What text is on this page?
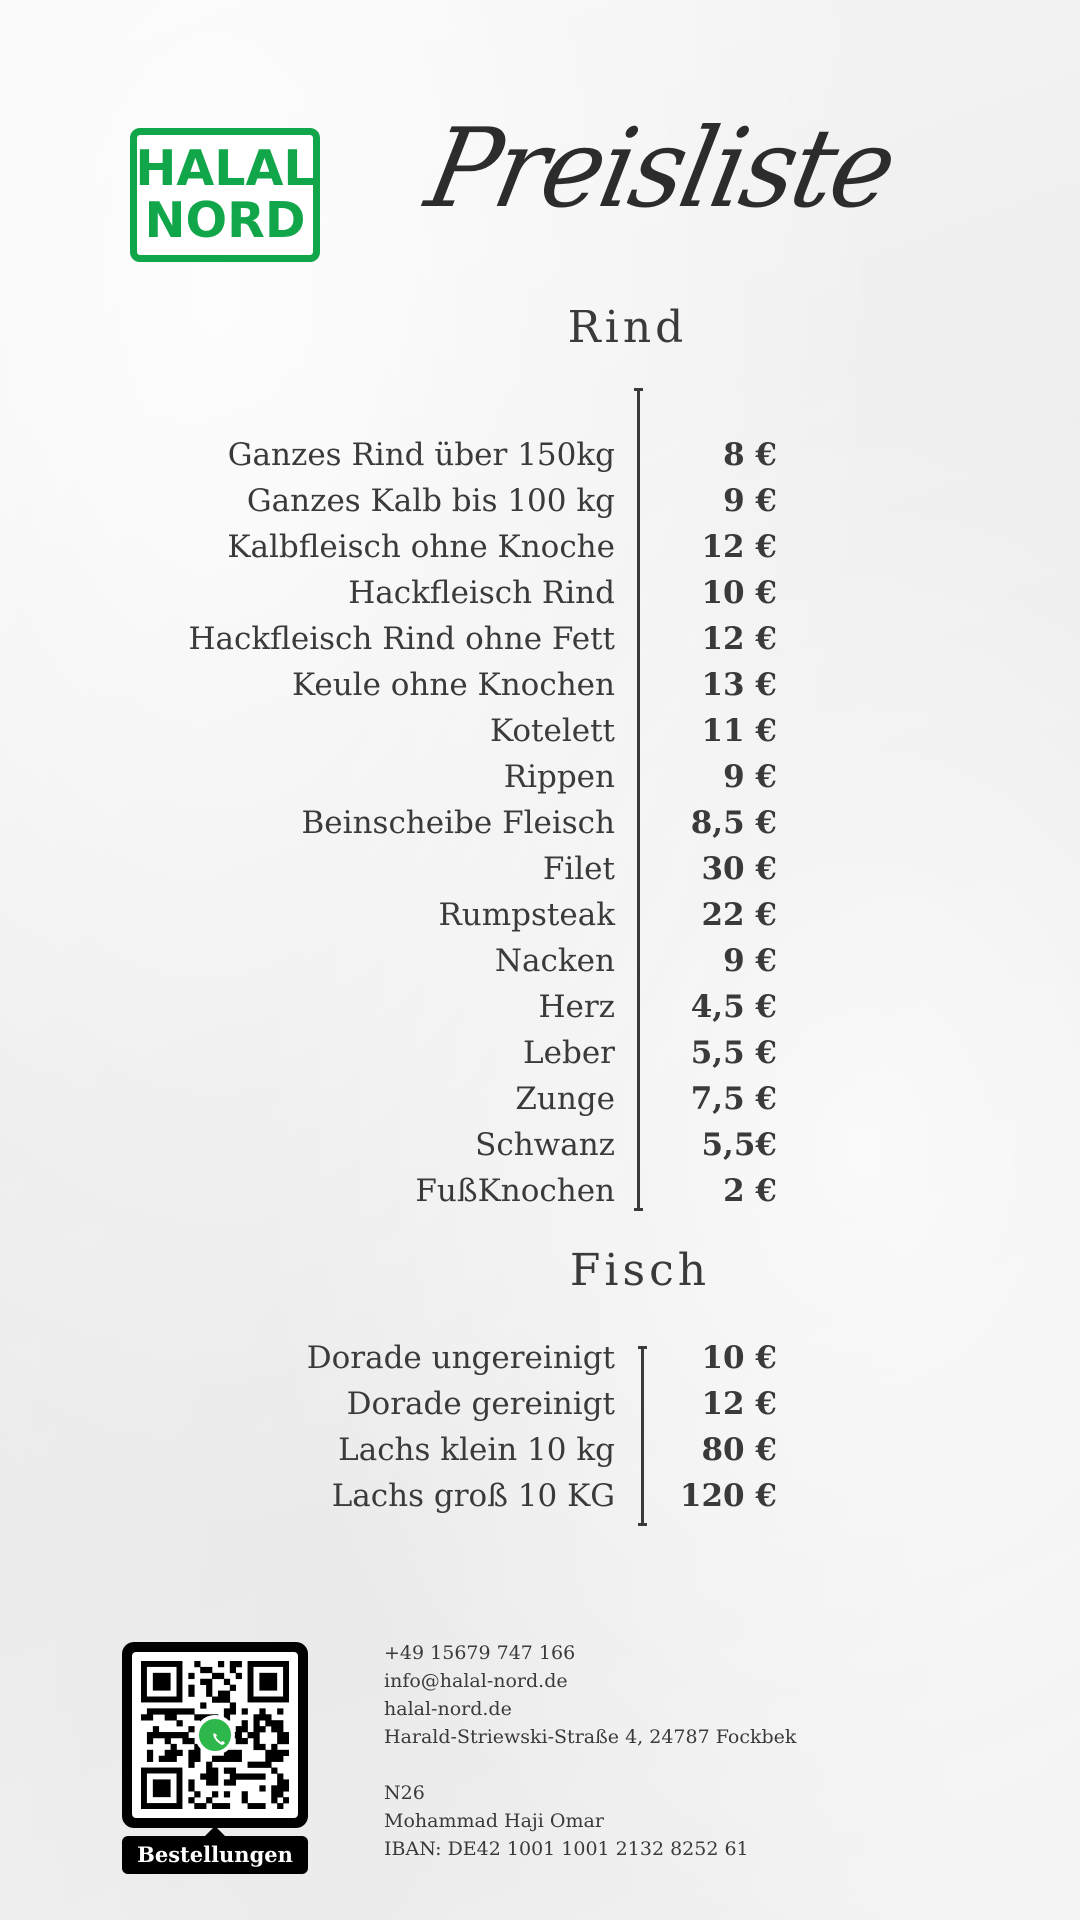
HALAL
NORD Preisliste
Rind
Ganzes Rind über 150kg	8 €
Ganzes Kalb bis 100 kg	9 €
Kalbfleisch ohne Knoche	12 €
Hackfleisch Rind	10 €
Hackfleisch Rind ohne Fett	12 €
Keule ohne Knochen	13 €
Kotelett	11 €
Rippen	9 €
Beinscheibe Fleisch 8,5 €
Filet	30 €
Rumpsteak	22 €
Nacken	9 €
Herz 4,5 €
Leber 5,5 €
Zunge 7,5 €
Schwanz	5,5€
FußKnochen	2 €
Fisch
Dorade ungereinigt	10 €
Dorade gereinigt	12 €
Lachs klein 10 kg	80 €
Lachs groß 10 KG 120 €
Bestellungen
+49 15679 747 166
info@halal-nord.de
halal-nord.de
Harald-Striewski-Straße 4, 24787 Fockbek
N26
Mohammad Haji Omar
IBAN: DE42 1001 1001 2132 8252 61
